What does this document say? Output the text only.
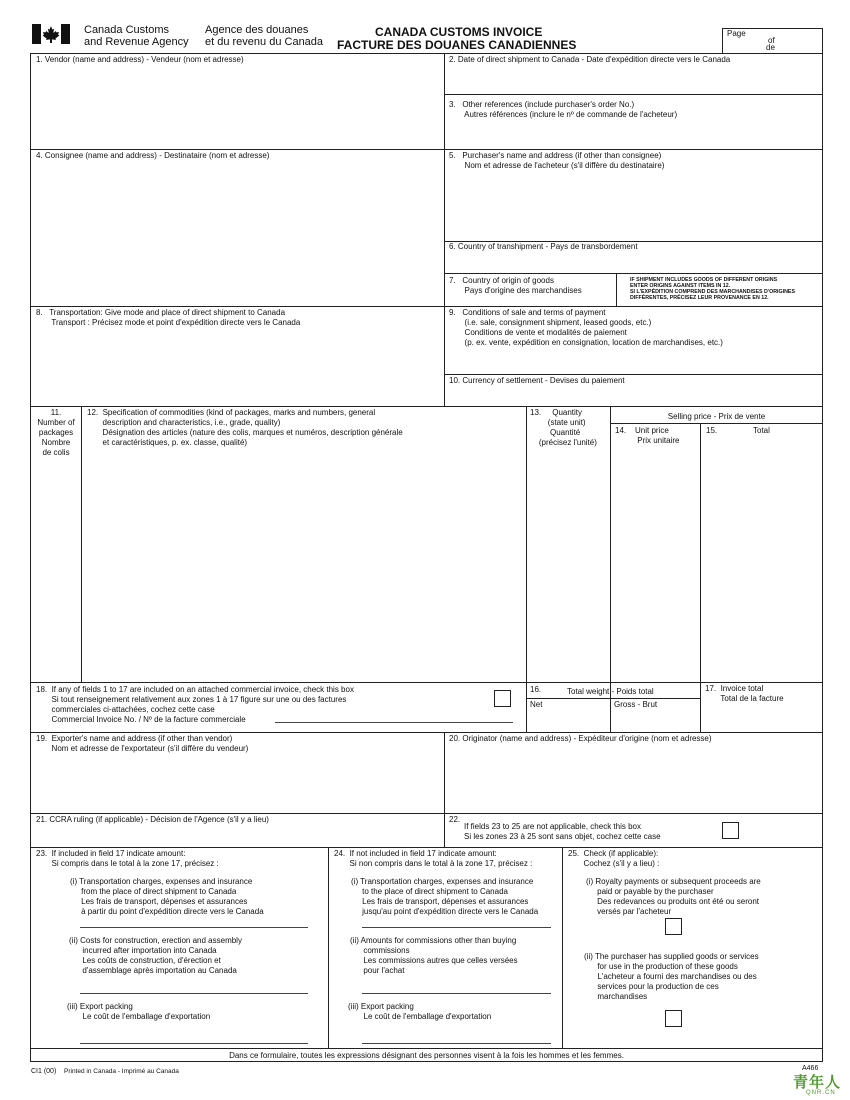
Canada Customs
and Revenue Agency
Agence des douanes
et du revenu du Canada
CANADA CUSTOMS INVOICE
FACTURE DES DOUANES CANADIENNES
Page
of
de
1. Vendor (name and address) - Vendeur (nom et adresse)	2. Date of direct shipment to Canada - Date d'expédition directe vers le Canada
3.   Other references (include purchaser's order No.)
Autres références (inclure le nº de commande de l'acheteur)
4. Consignee (name and address) - Destinataire (nom et adresse)	5.   Purchaser's name and address (if other than consignee)
Nom et adresse de l'acheteur (s'il diffère du destinataire)
6. Country of transhipment - Pays de transbordement
7.   Country of origin of goods
Pays d'origine des marchandises
IF SHIPMENT INCLUDES GOODS OF DIFFERENT ORIGINS
ENTER ORIGINS AGAINST ITEMS IN 12.
SI L'EXPÉDITION COMPREND DES MARCHANDISES D'ORIGINES
DIFFÉRENTES, PRÉCISEZ LEUR PROVENANCE EN 12.
8.   Transportation: Give mode and place of direct shipment to Canada
Transport : Précisez mode et point d'expédition directe vers le Canada
9.   Conditions of sale and terms of payment
(i.e. sale, consignment shipment, leased goods, etc.)
Conditions de vente et modalités de paiement
(p. ex. vente, expédition en consignation, location de marchandises, etc.)
10. Currency of settlement - Devises du paiement
11.
Number of
packages
Nombre
de colis
12.  Specification of commodities (kind of packages, marks and numbers, general
description and characteristics, i.e., grade, quality)
Désignation des articles (nature des colis, marques et numéros, description générale
et caractéristiques, p. ex. classe, qualité)
13.     Quantity
(state unit)
Quantité
(précisez l'unité)
Selling price - Prix de vente
14.    Unit price
Prix unitaire
15.	Total
18.  If any of fields 1 to 17 are included on an attached commercial invoice, check this box
Si tout renseignement relativement aux zones 1 à 17 figure sur une ou des factures
commerciales ci-attachées, cochez cette case
Commercial Invoice No. / Nº de la facture commerciale
16.	Total weight - Poids total
Net	Gross - Brut
17.  Invoice total
Total de la facture
19.  Exporter's name and address (if other than vendor)
Nom et adresse de l'exportateur (s'il diffère du vendeur)
20. Originator (name and address) - Expéditeur d'origine (nom et adresse)
21. CCRA ruling (if applicable) - Décision de l'Agence (s'il y a lieu)	22.
If fields 23 to 25 are not applicable, check this box
Si les zones 23 à 25 sont sans objet, cochez cette case
23.  If included in field 17 indicate amount:
Si compris dans le total à la zone 17, précisez :
(i) Transportation charges, expenses and insurance
from the place of direct shipment to Canada
Les frais de transport, dépenses et assurances
à partir du point d'expédition directe vers le Canada
(ii) Costs for construction, erection and assembly
incurred after importation into Canada
Les coûts de construction, d'érection et
d'assemblage après importation au Canada
(iii) Export packing
Le coût de l'emballage d'exportation
24.  If not included in field 17 indicate amount:
Si non compris dans le total à la zone 17, précisez :
(i) Transportation charges, expenses and insurance
to the place of direct shipment to Canada
Les frais de transport, dépenses et assurances
jusqu'au point d'expédition directe vers le Canada
(ii) Amounts for commissions other than buying
commissions
Les commissions autres que celles versées
pour l'achat
(iii) Export packing
Le coût de l'emballage d'exportation
25.  Check (if applicable):
Cochez (s'il y a lieu) :
(i) Royalty payments or subsequent proceeds are
paid or payable by the purchaser
Des redevances ou produits ont été ou seront
versés par l'acheteur
(ii) The purchaser has supplied goods or services
for use in the production of these goods
L'acheteur a fourni des marchandises ou des
services pour la production de ces
marchandises
Dans ce formulaire, toutes les expressions désignant des personnes visent à la fois les hommes et les femmes.
CI1 (00) Printed in Canada - Imprimé au Canada	A466
青年人
QNR.CN
